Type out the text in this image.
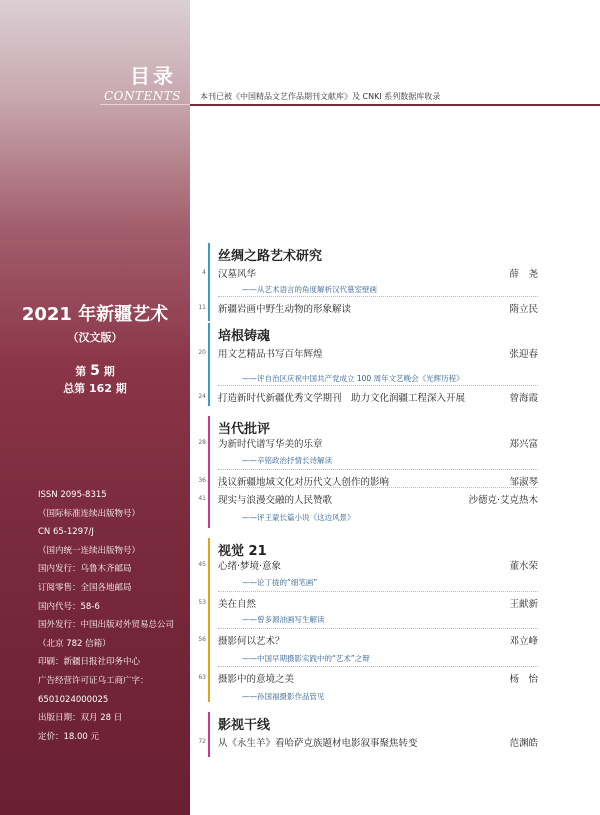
目录
CONTENTS 本刊已被《中国精品文艺作品期刊文献库》及 CNKI 系列数据库收录
2021 年新疆艺术
（汉文版）
第 5 期
总第 162 期
ISSN 2095-8315
（国际标准连续出版物号）
CN 65-1297/J
（国内统一连续出版物号）
国内发行：乌鲁木齐邮局
订阅零售：全国各地邮局
国内代号：58-6
国外发行：中国出版对外贸易总公司
（北京 782 信箱）
印刷：新疆日报社印务中心
广告经营许可证乌工商广字：
6501024000025
出版日期：双月 28 日
定价：18.00 元
丝绸之路艺术研究
4 汉墓风华	薛　尧
——从艺术语言的角度解析汉代墓室壁画
11 新疆岩画中野生动物的形象解读	隋立民
培根铸魂
20 用文艺精品书写百年辉煌	张迎春
——评自治区庆祝中国共产党成立 100 周年文艺晚会《光辉历程》
24 打造新时代新疆优秀文学期刊　助力文化润疆工程深入开展	曾海霞
当代批评
28 为新时代谱写华美的乐章	郑兴富
——辛铭政治抒情长诗解读
36 浅议新疆地域文化对历代文人创作的影响	邹淑琴
41 现实与浪漫交融的人民赞歌	沙德克·艾克热木
——评王蒙长篇小说《这边风景》
视觉 21
45 心绪·梦境·意象	董水荣
——论丁拢的“细笔画”
53 美在自然	王献新
——曾多源油画写生解读
56 摄影何以艺术？	邓立峰
——中国早期摄影实践中的“艺术”之辩
63 摄影中的意境之美	杨　怡
——孙国福摄影作品管见
影视干线
72 从《永生羊》看哈萨克族题材电影叙事聚焦转变	范渊皓
